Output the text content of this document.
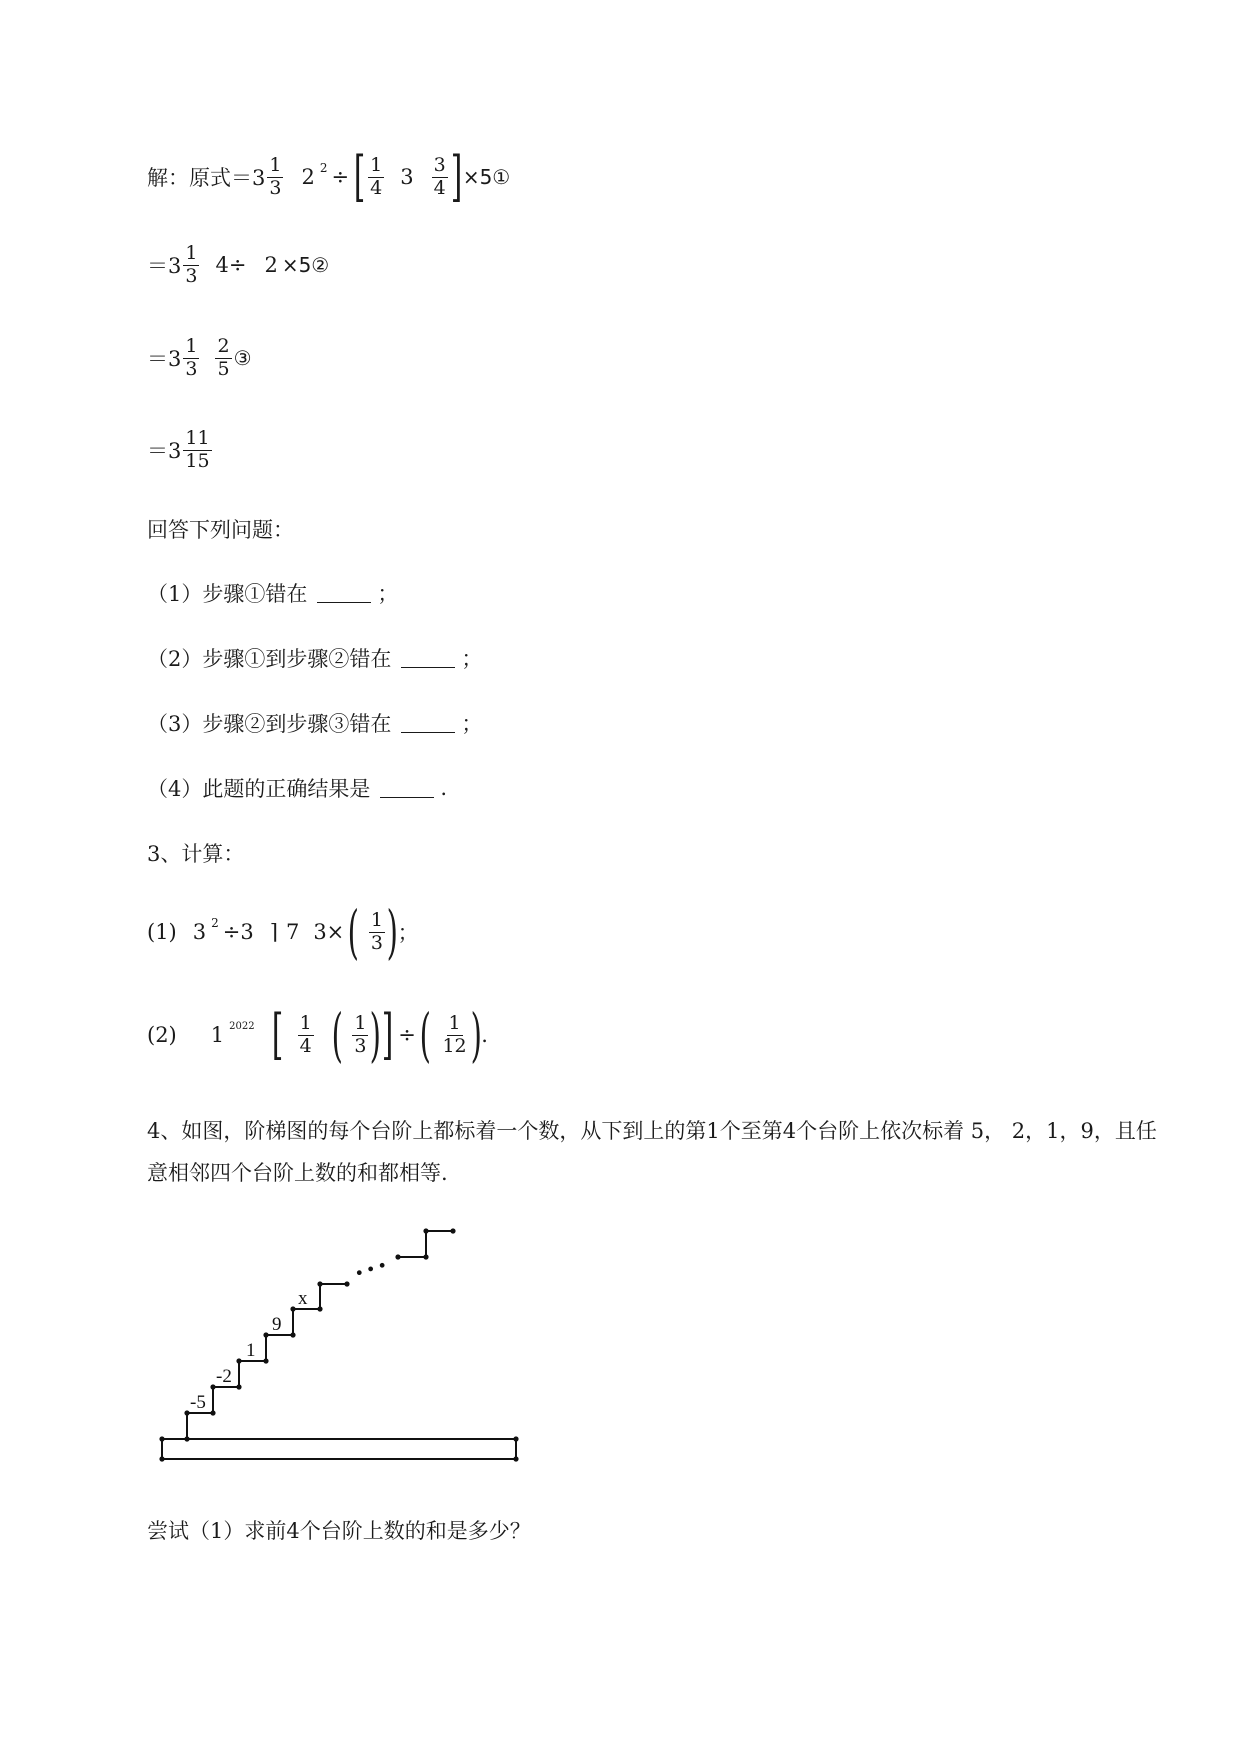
解：原式$=3 \frac{1}{3} 2$ 2 ÷ [ $\frac{1}{4} 3 \frac{3}{4}$ ] ×5①
$=3 \frac{1}{3} 4\div 2$ ×5②
$=3 \frac{1}{3} \frac{2}{5}$ ③
$=3 \frac{11}{15}$
回答下列问题：
（1）步骤①错在	；
（2）步骤①到步骤②错在	；
（3）步骤②到步骤③错在	；
（4）此题的正确结果是	.
3、计算：
(1) 3 2 ÷3 ⌉ 7 3× ( $\frac{1}{3}$ ) ；
(2) 1 2022 [ $\frac{1}{4}$ ( $\frac{1}{3}$ ) ] ÷ ( $\frac{1}{12}$ ) .
4、如图，阶梯图的每个台阶上都标着一个数，从下到上的第1个至第4个台阶上依次标着 5， 2，1，9，且任意相邻四个台阶上数的和都相等.
• • •
-5
-2
1
9
x
尝试（1）求前4个台阶上数的和是多少？
